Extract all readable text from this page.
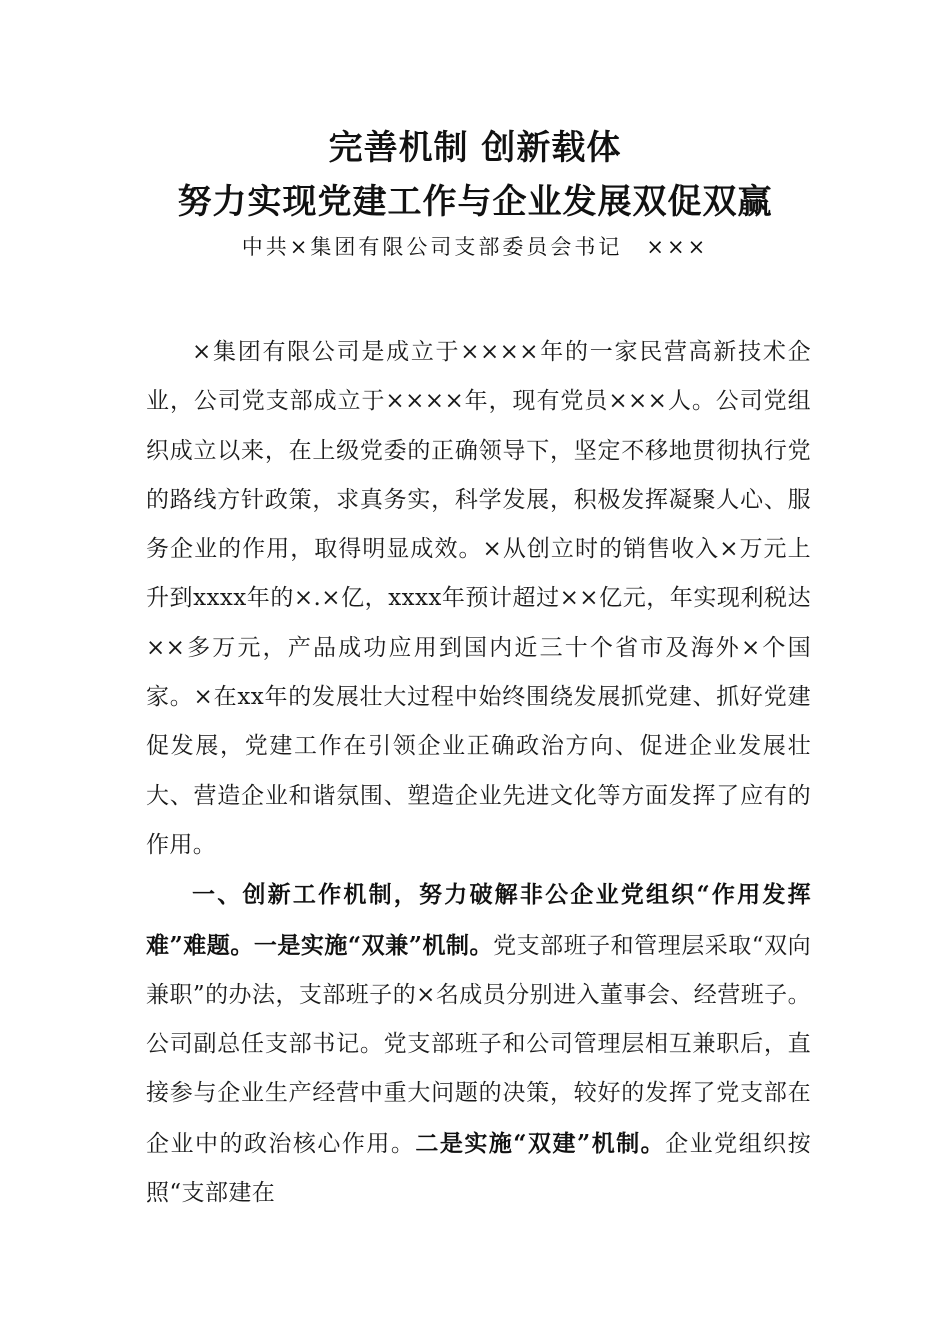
完善机制 创新载体
努力实现党建工作与企业发展双促双赢
中共×集团有限公司支部委员会书记　×××

×集团有限公司是成立于××××年的一家民营高新技术企业，公司党支部成立于××××年，现有党员×××人。公司党组织成立以来，在上级党委的正确领导下，坚定不移地贯彻执行党的路线方针政策，求真务实，科学发展，积极发挥凝聚人心、服务企业的作用，取得明显成效。×从创立时的销售收入×万元上升到xxxx年的×.×亿，xxxx年预计超过××亿元，年实现利税达××多万元，产品成功应用到国内近三十个省市及海外×个国家。×在xx年的发展壮大过程中始终围绕发展抓党建、抓好党建促发展，党建工作在引领企业正确政治方向、促进企业发展壮大、营造企业和谐氛围、塑造企业先进文化等方面发挥了应有的作用。

一、创新工作机制，努力破解非公企业党组织“作用发挥难”难题。一是实施“双兼”机制。党支部班子和管理层采取“双向兼职”的办法，支部班子的×名成员分别进入董事会、经营班子。公司副总任支部书记。党支部班子和公司管理层相互兼职后，直接参与企业生产经营中重大问题的决策，较好的发挥了党支部在企业中的政治核心作用。二是实施“双建”机制。企业党组织按照“支部建在
